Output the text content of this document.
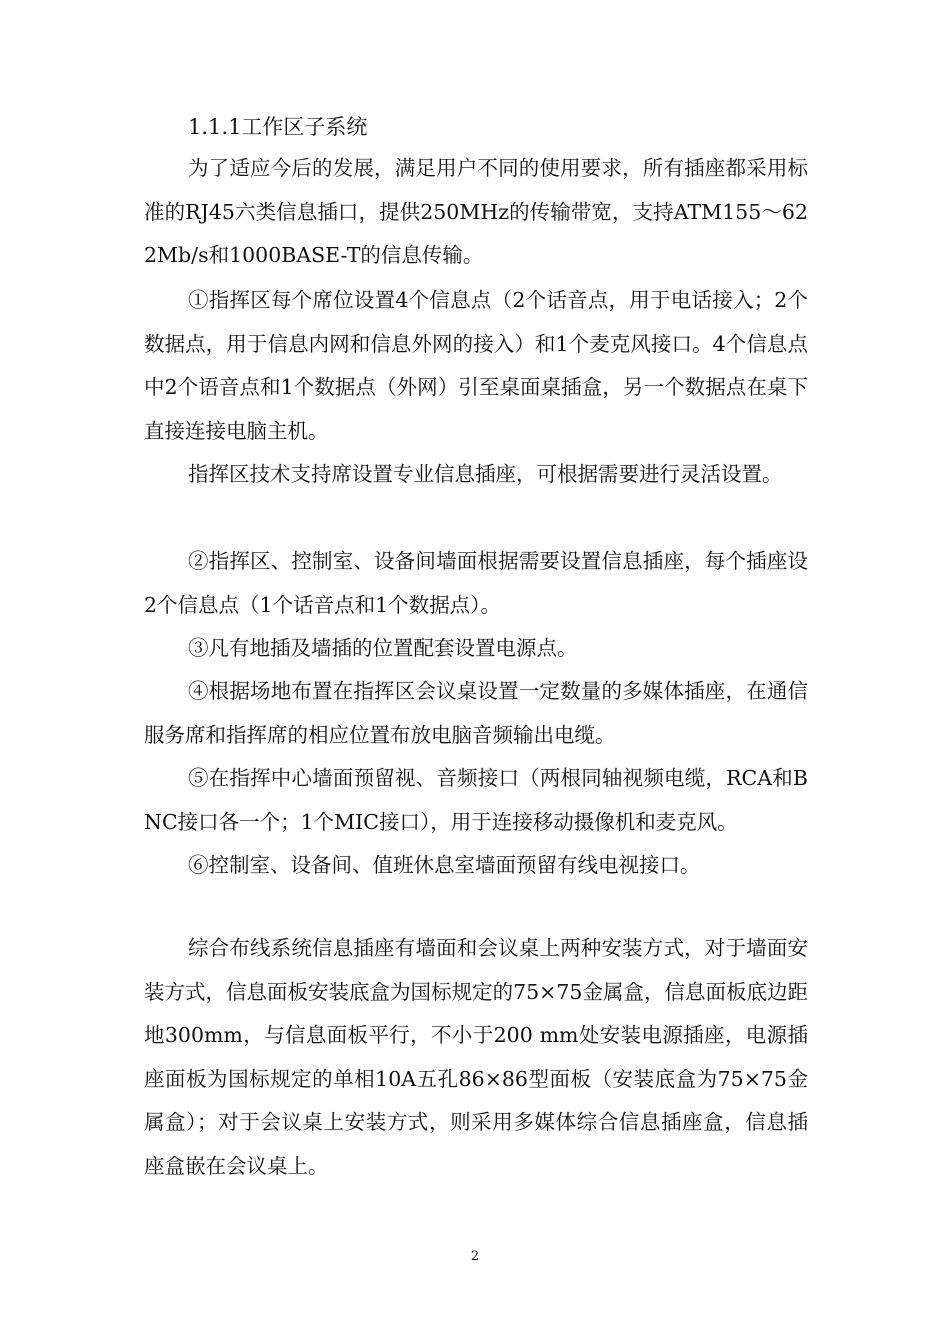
1.1.1工作区子系统

为了适应今后的发展，满足用户不同的使用要求，所有插座都采用标准的RJ45六类信息插口，提供250MHz的传输带宽，支持ATM155～622Mb/s和1000BASE-T的信息传输。

①指挥区每个席位设置4个信息点（2个话音点，用于电话接入；2个数据点，用于信息内网和信息外网的接入）和1个麦克风接口。4个信息点中2个语音点和1个数据点（外网）引至桌面桌插盒，另一个数据点在桌下直接连接电脑主机。

指挥区技术支持席设置专业信息插座，可根据需要进行灵活设置。

②指挥区、控制室、设备间墙面根据需要设置信息插座，每个插座设2个信息点（1个话音点和1个数据点）。

③凡有地插及墙插的位置配套设置电源点。

④根据场地布置在指挥区会议桌设置一定数量的多媒体插座，在通信服务席和指挥席的相应位置布放电脑音频输出电缆。

⑤在指挥中心墙面预留视、音频接口（两根同轴视频电缆，RCA和BNC接口各一个；1个MIC接口），用于连接移动摄像机和麦克风。

⑥控制室、设备间、值班休息室墙面预留有线电视接口。

综合布线系统信息插座有墙面和会议桌上两种安装方式，对于墙面安装方式，信息面板安装底盒为国标规定的75×75金属盒，信息面板底边距地300mm，与信息面板平行，不小于200 mm处安装电源插座，电源插座面板为国标规定的单相10A五孔86×86型面板（安装底盒为75×75金属盒）；对于会议桌上安装方式，则采用多媒体综合信息插座盒，信息插座盒嵌在会议桌上。

2
